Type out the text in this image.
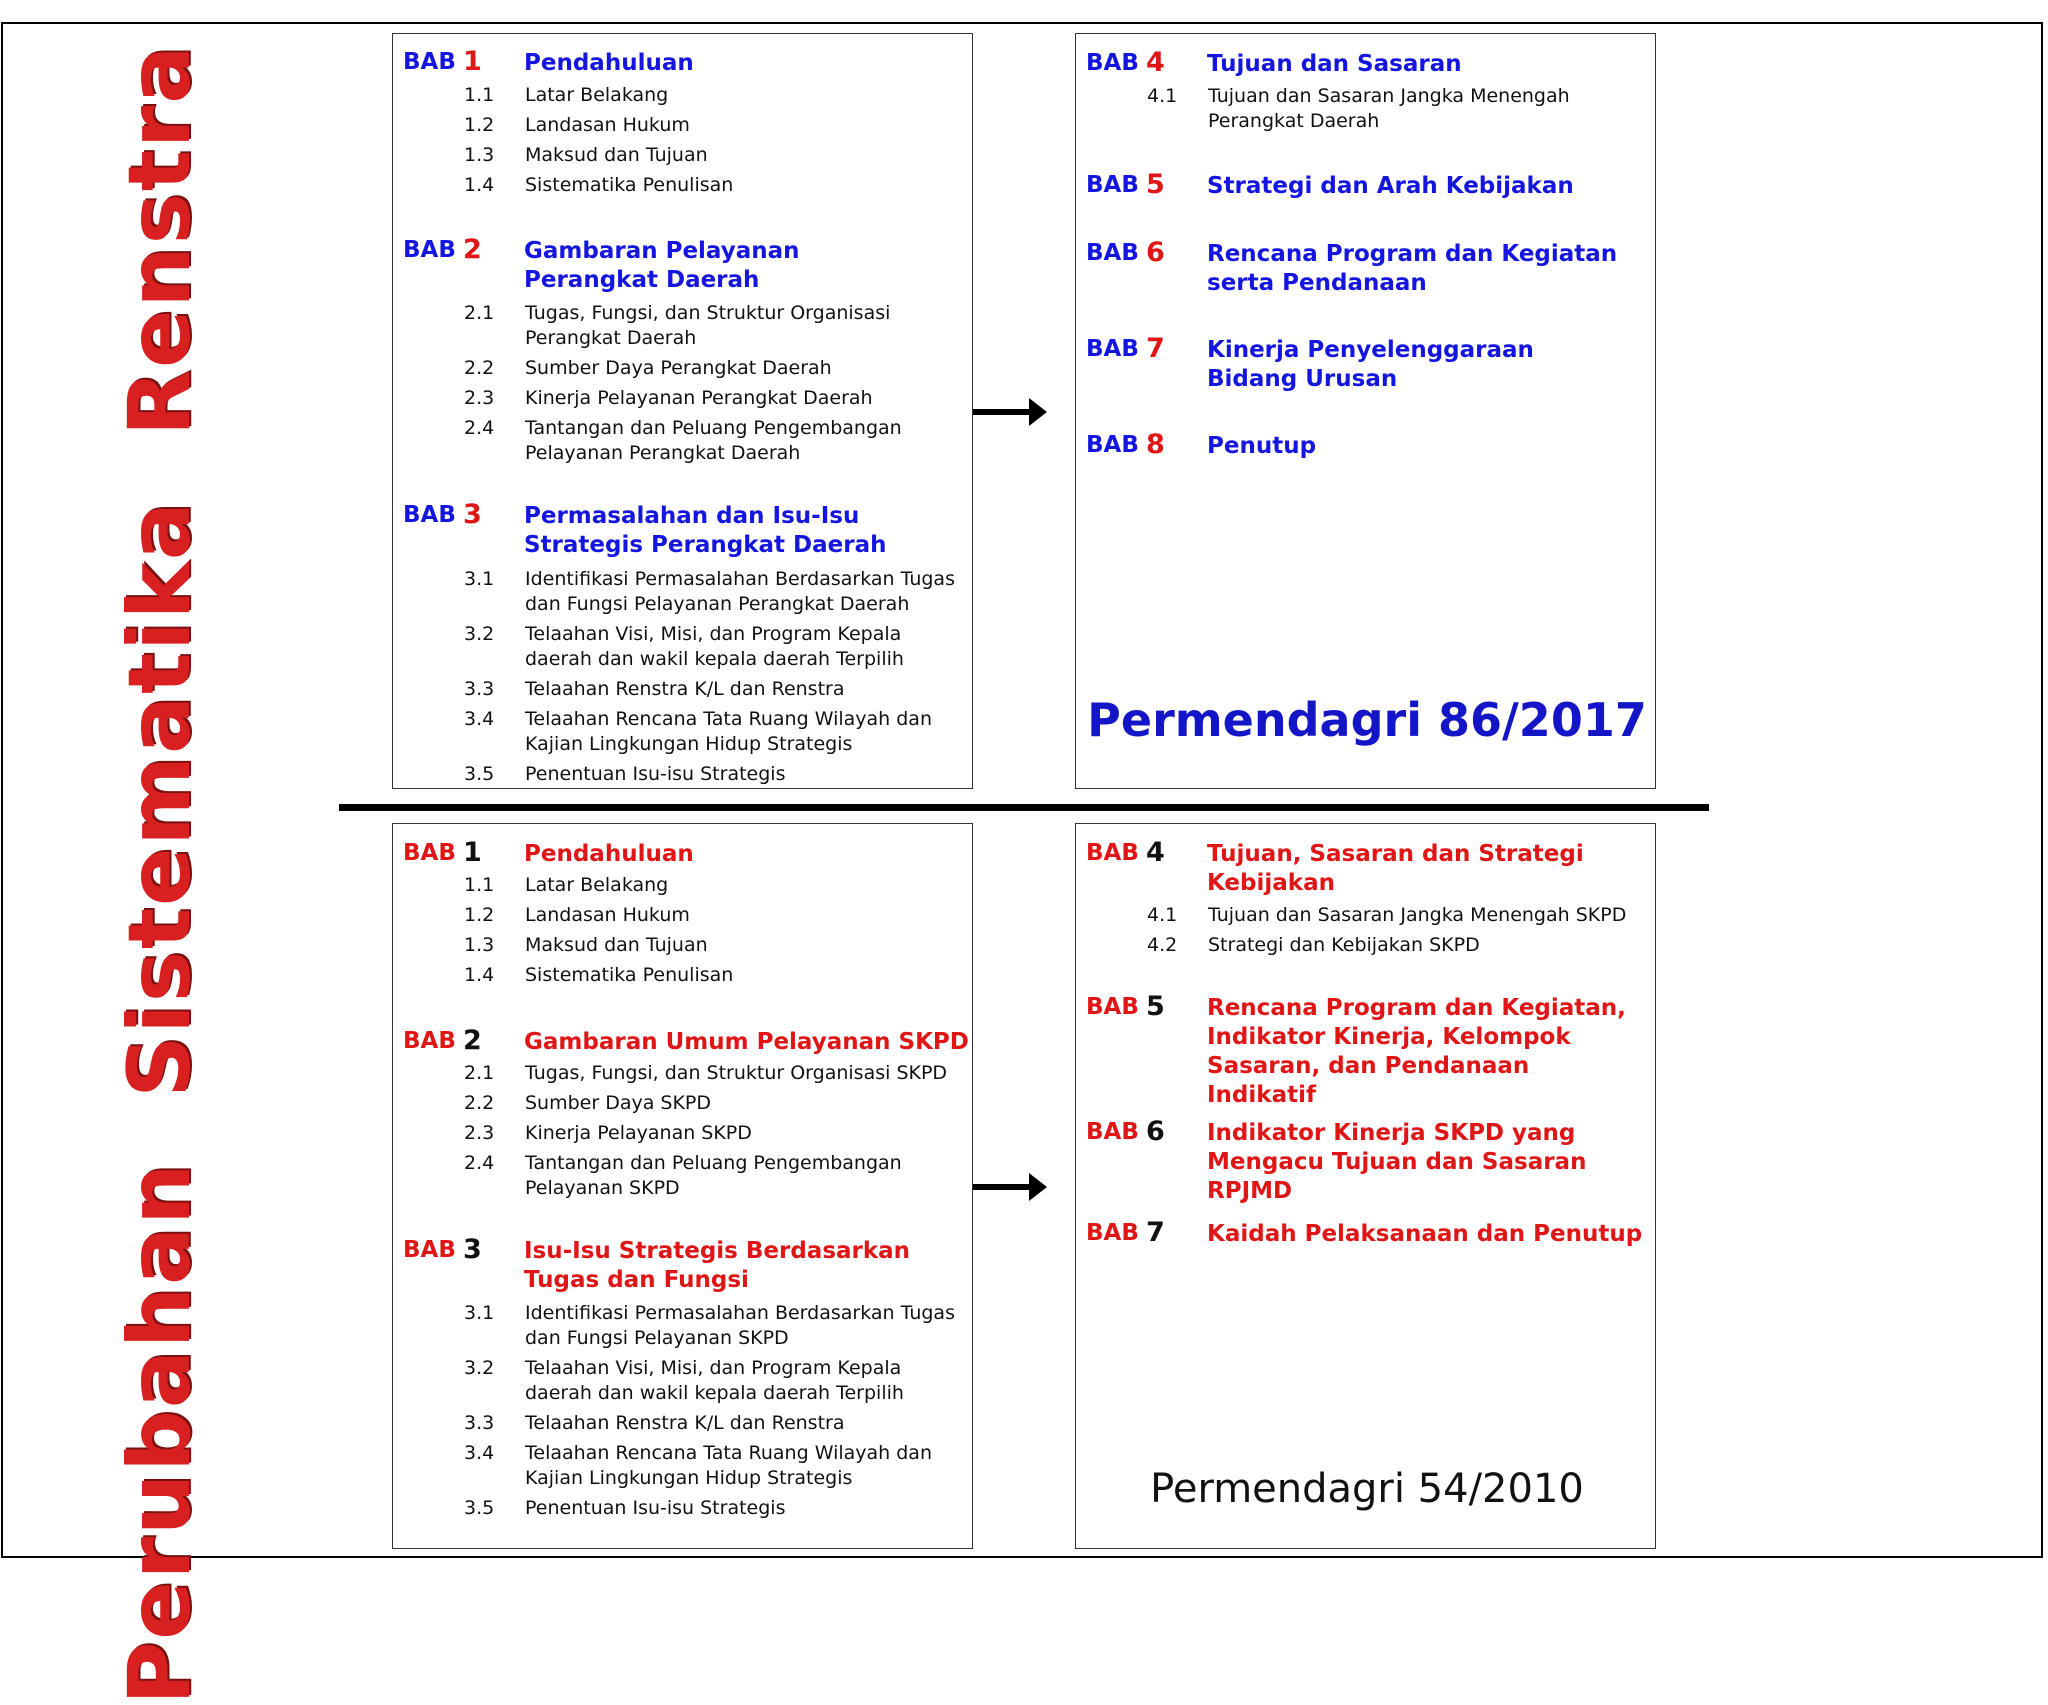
Perubahan
Sistematika
Renstra	BAB 1 Pendahuluan
1.1 Latar Belakang
1.2 Landasan Hukum
1.3 Maksud dan Tujuan
1.4 Sistematika Penulisan
BAB 2 Gambaran Pelayanan Perangkat Daerah
2.1 Tugas, Fungsi, dan Struktur Organisasi Perangkat Daerah
2.2 Sumber Daya Perangkat Daerah
2.3 Kinerja Pelayanan Perangkat Daerah
2.4 Tantangan dan Peluang Pengembangan Pelayanan Perangkat Daerah
BAB 3 Permasalahan dan Isu-Isu Strategis Perangkat Daerah
3.1 Identifikasi Permasalahan Berdasarkan Tugas dan Fungsi Pelayanan Perangkat Daerah
3.2 Telaahan Visi, Misi, dan Program Kepala daerah dan wakil kepala daerah Terpilih
3.3 Telaahan Renstra K/L dan Renstra
3.4 Telaahan Rencana Tata Ruang Wilayah dan Kajian Lingkungan Hidup Strategis
3.5 Penentuan Isu-isu Strategis
BAB 4 Tujuan dan Sasaran
4.1 Tujuan dan Sasaran Jangka Menengah Perangkat Daerah
BAB 5 Strategi dan Arah Kebijakan
BAB 6 Rencana Program dan Kegiatan serta Pendanaan
BAB 7 Kinerja Penyelenggaraan Bidang Urusan
BAB 8 Penutup
Permendagri 86/2017
BAB 1 Pendahuluan
1.1 Latar Belakang
1.2 Landasan Hukum
1.3 Maksud dan Tujuan
1.4 Sistematika Penulisan
BAB 2 Gambaran Umum Pelayanan SKPD
2.1 Tugas, Fungsi, dan Struktur Organisasi SKPD
2.2 Sumber Daya SKPD
2.3 Kinerja Pelayanan SKPD
2.4 Tantangan dan Peluang Pengembangan Pelayanan SKPD
BAB 3 Isu-Isu Strategis Berdasarkan Tugas dan Fungsi
3.1 Identifikasi Permasalahan Berdasarkan Tugas dan Fungsi Pelayanan SKPD
3.2 Telaahan Visi, Misi, dan Program Kepala daerah dan wakil kepala daerah Terpilih
3.3 Telaahan Renstra K/L dan Renstra
3.4 Telaahan Rencana Tata Ruang Wilayah dan Kajian Lingkungan Hidup Strategis
3.5 Penentuan Isu-isu Strategis
BAB 4 Tujuan, Sasaran dan Strategi Kebijakan
4.1 Tujuan dan Sasaran Jangka Menengah SKPD
4.2 Strategi dan Kebijakan SKPD
BAB 5 Rencana Program dan Kegiatan, Indikator Kinerja, Kelompok Sasaran, dan Pendanaan Indikatif
BAB 6 Indikator Kinerja SKPD yang Mengacu Tujuan dan Sasaran RPJMD
BAB 7 Kaidah Pelaksanaan dan Penutup
Permendagri 54/2010
